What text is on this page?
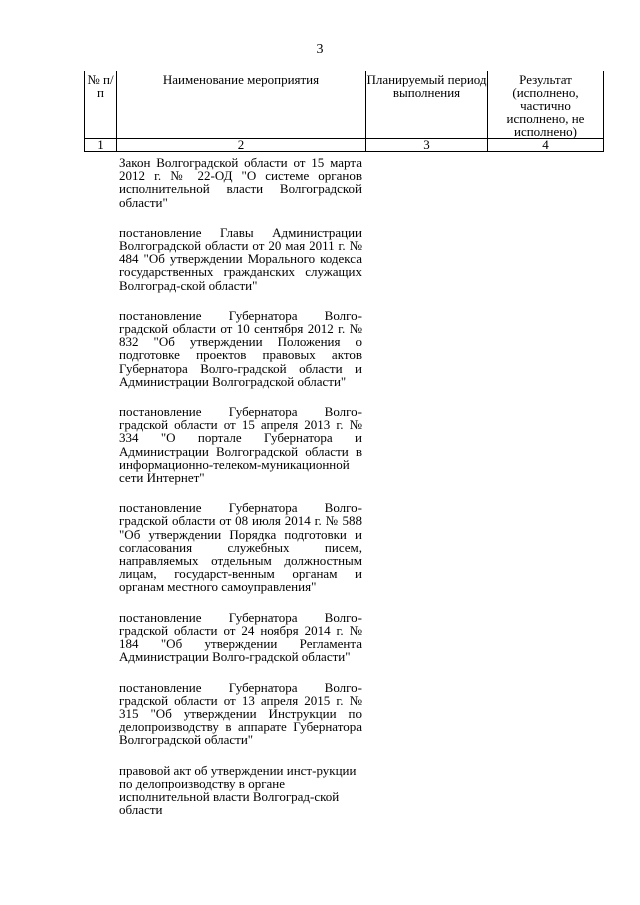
3
№ п/п	Наименование мероприятия	Планируемый период выполнения	Результат (исполнено, частично исполнено, не исполнено)

1	2	3	4

Закон Волгоградской области от 15 марта 2012 г. № 22-ОД "О системе органов исполнительной власти Волгоградской области"

постановление Главы Администрации Волгоградской области от 20 мая 2011 г. № 484 "Об утверждении Морального кодекса государственных гражданских служащих Волгоград-ской области"

постановление Губернатора Волго-градской области от 10 сентября 2012 г. № 832 "Об утверждении Положения о подготовке проектов правовых актов Губернатора Волго-градской области и Администрации Волгоградской области"

постановление Губернатора Волго-градской области от 15 апреля 2013 г. № 334 "О портале Губернатора и Администрации Волгоградской области в информационно-телеком-муникационной сети Интернет"

постановление Губернатора Волго-градской области от 08 июля 2014 г. № 588 "Об утверждении Порядка подготовки и согласования служебных писем, направляемых отдельным должностным лицам, государст-венным органам и органам местного самоуправления"

постановление Губернатора Волго-градской области от 24 ноября 2014 г. № 184 "Об утверждении Регламента Администрации Волго-градской области"

постановление Губернатора Волго-градской области от 13 апреля 2015 г. № 315 "Об утверждении Инструкции по делопроизводству в аппарате Губернатора Волгоградской области"

правовой акт об утверждении инст-рукции по делопроизводству в органе исполнительной власти Волгоград-ской области
